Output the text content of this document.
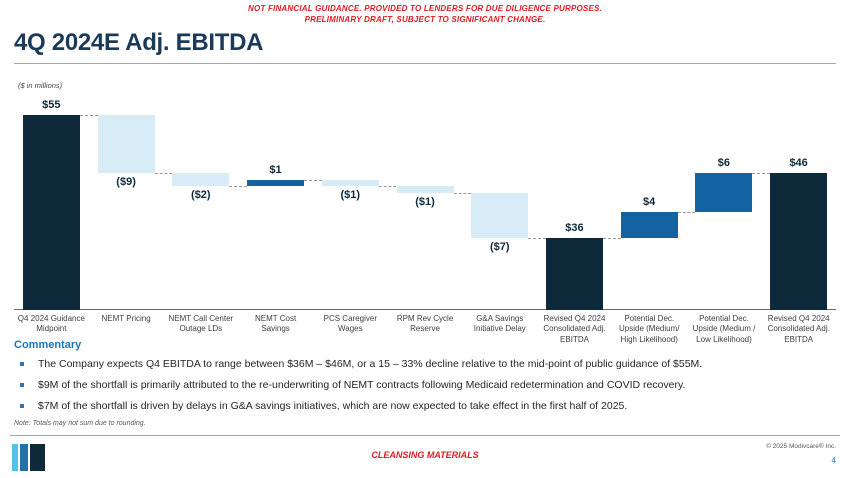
NOT FINANCIAL GUIDANCE. PROVIDED TO LENDERS FOR DUE DILIGENCE PURPOSES.
PRELIMINARY DRAFT, SUBJECT TO SIGNIFICANT CHANGE.
4Q 2024E Adj. EBITDA
($ in millions)
$55
($9)
($2)
$1
($1)
($1)
($7)
$36
$4
$6	$46
Q4 2024 Guidance Midpoint
NEMT Pricing	NEMT Call Center Outage LDs
NEMT Cost Savings
PCS Caregiver Wages
RPM Rev Cycle Reserve
G&A Savings Initiative Delay
Revised Q4 2024 Consolidated Adj. EBITDA
Potential Dec. Upside (Medium/ High Likelihood)
Potential Dec. Upside (Medium / Low Likelihood)
Revised Q4 2024 Consolidated Adj. EBITDA
Commentary
The Company expects Q4 EBITDA to range between $36M – $46M, or a 15 – 33% decline relative to the mid-point of public guidance of $55M.
$9M of the shortfall is primarily attributed to the re-underwriting of NEMT contracts following Medicaid redetermination and COVID recovery.
$7M of the shortfall is driven by delays in G&A savings initiatives, which are now expected to take effect in the first half of 2025.
Note: Totals may not sum due to rounding.
CLEANSING MATERIALS
© 2025 Modivcare® Inc.
4
